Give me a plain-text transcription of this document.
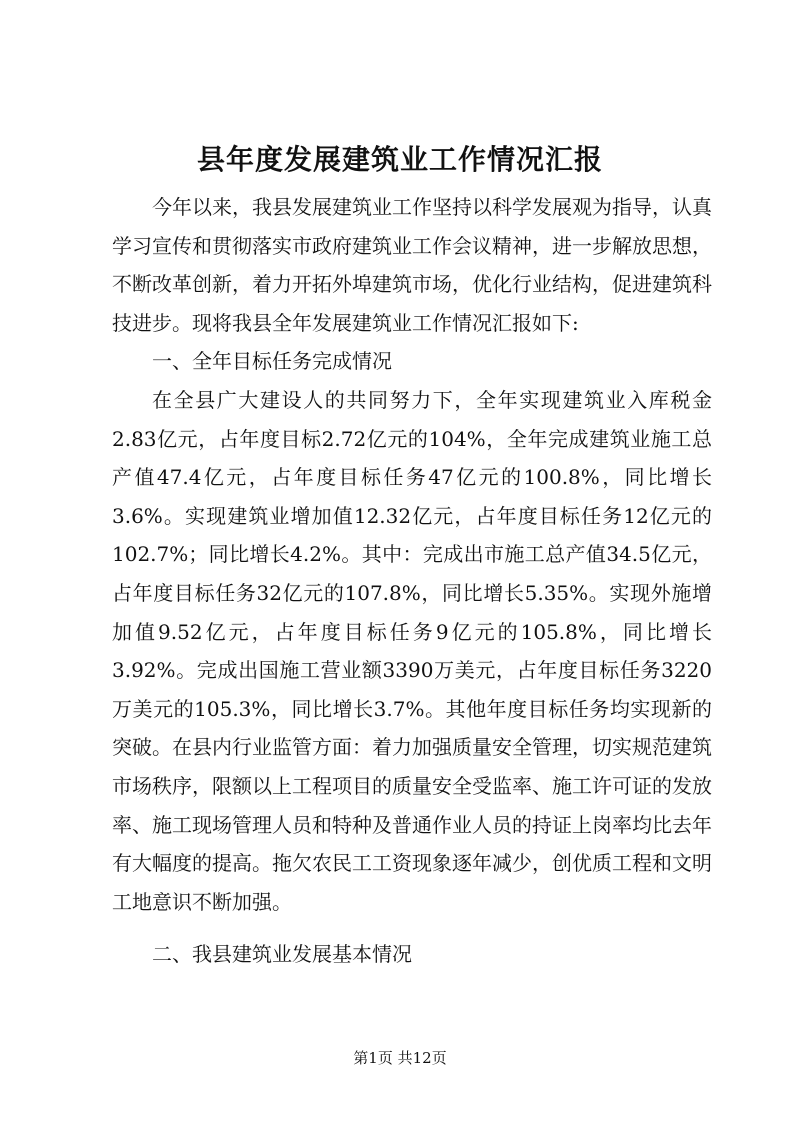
县年度发展建筑业工作情况汇报

今年以来，我县发展建筑业工作坚持以科学发展观为指导，认真学习宣传和贯彻落实市政府建筑业工作会议精神，进一步解放思想，不断改革创新，着力开拓外埠建筑市场，优化行业结构，促进建筑科技进步。现将我县全年发展建筑业工作情况汇报如下:

一、全年目标任务完成情况

在全县广大建设人的共同努力下，全年实现建筑业入库税金2.83亿元，占年度目标2.72亿元的104%，全年完成建筑业施工总产值47.4亿元，占年度目标任务47亿元的100.8%，同比增长3.6%。实现建筑业增加值12.32亿元，占年度目标任务12亿元的102.7%；同比增长4.2%。其中：完成出市施工总产值34.5亿元，占年度目标任务32亿元的107.8%，同比增长5.35%。实现外施增加值9.52亿元，占年度目标任务9亿元的105.8%，同比增长3.92%。完成出国施工营业额3390万美元，占年度目标任务3220万美元的105.3%，同比增长3.7%。其他年度目标任务均实现新的突破。在县内行业监管方面：着力加强质量安全管理，切实规范建筑市场秩序，限额以上工程项目的质量安全受监率、施工许可证的发放率、施工现场管理人员和特种及普通作业人员的持证上岗率均比去年有大幅度的提高。拖欠农民工工资现象逐年减少，创优质工程和文明工地意识不断加强。

二、我县建筑业发展基本情况

第1页 共12页
